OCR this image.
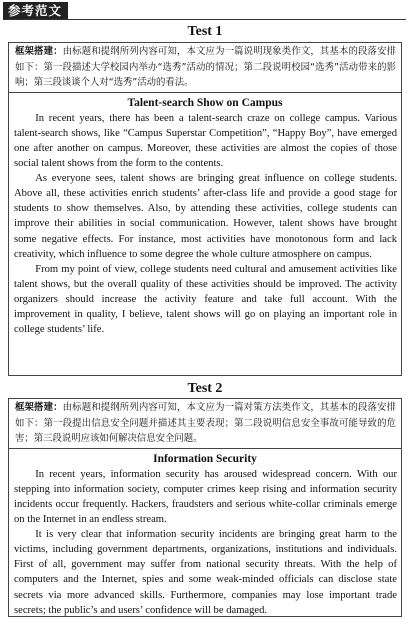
参考范文
Test 1
框架搭建：由标题和提纲所列内容可知，本文应为一篇说明现象类作文，其基本的段落安排如下：第一段描述大学校园内举办“选秀”活动的情况；第二段说明校园“选秀”活动带来的影响；第三段谈谈个人对“选秀”活动的看法。
Talent-search Show on Campus

In recent years, there has been a talent-search craze on college campus. Various talent-search shows, like “Campus Superstar Competition”, “Happy Boy”, have emerged one after another on campus. Moreover, these activities are almost the copies of those social talent shows from the form to the contents.

As everyone sees, talent shows are bringing great influence on college students. Above all, these activities enrich students’ after-class life and provide a good stage for students to show themselves. Also, by attending these activities, college students can improve their abilities in social communication. However, talent shows have brought some negative effects. For instance, most activities have monotonous form and lack creativity, which influence to some degree the whole culture atmosphere on campus.

From my point of view, college students need cultural and amusement activities like talent shows, but the overall quality of these activities should be improved. The activity organizers should increase the activity feature and take full account. With the improvement in quality, I believe, talent shows will go on playing an important role in college students’ life.

Test 2
框架搭建：由标题和提纲所列内容可知，本文应为一篇对策方法类作文，其基本的段落安排如下：第一段提出信息安全问题并描述其主要表现；第二段说明信息安全事故可能导致的危害；第三段说明应该如何解决信息安全问题。
Information Security

In recent years, information security has aroused widespread concern. With our stepping into information society, computer crimes keep rising and information security incidents occur frequently. Hackers, fraudsters and serious white-collar criminals emerge on the Internet in an endless stream.

It is very clear that information security incidents are bringing great harm to the victims, including government departments, organizations, institutions and individuals. First of all, government may suffer from national security threats. With the help of computers and the Internet, spies and some weak-minded officials can disclose state secrets via more advanced skills. Furthermore, companies may lose important trade secrets; the public’s and users’ confidence will be damaged.
